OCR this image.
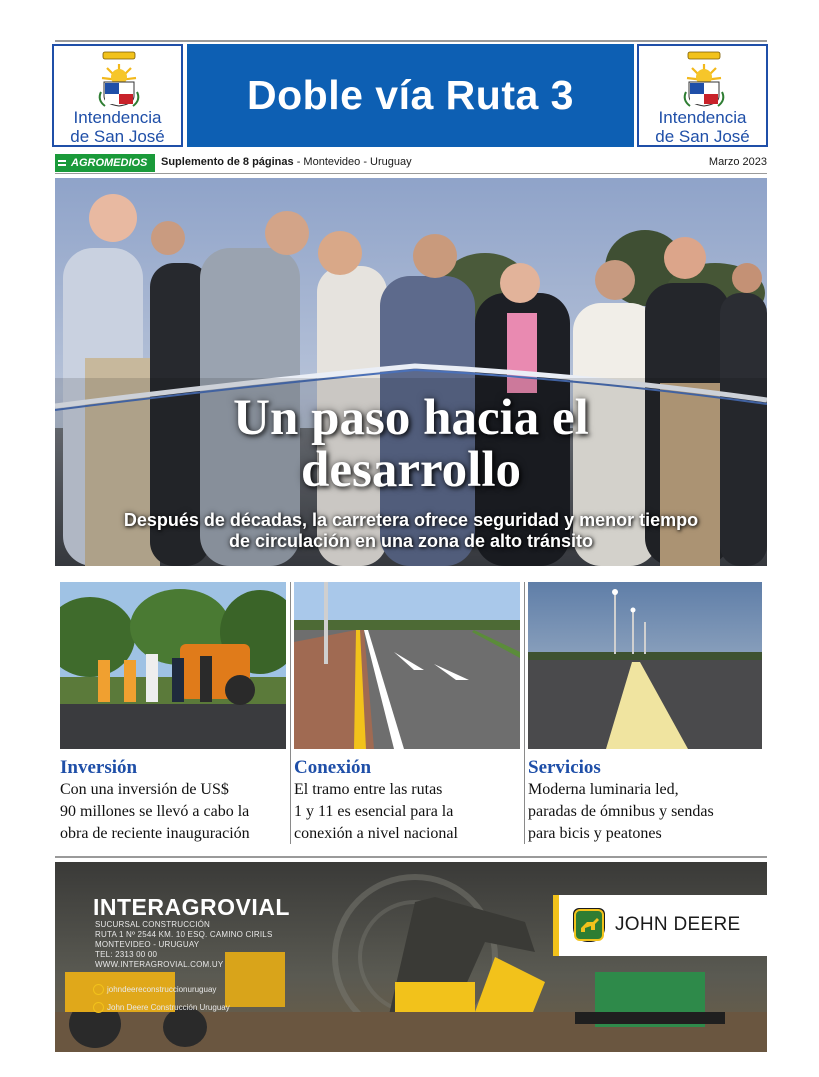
Intendencia
de San José
Doble vía Ruta 3	Intendencia
de San José
AGROMEDIOS	Suplemento de 8 páginas - Montevideo - Uruguay	Marzo 2023
Un paso hacia el
desarrollo
Después de décadas, la carretera ofrece seguridad y menor tiempo
de circulación en una zona de alto tránsito
Inversión
Con una inversión de US$
90 millones se llevó a cabo la
obra de reciente inauguración
Conexión
El tramo entre las rutas
1 y 11 es esencial para la
conexión a nivel nacional
Servicios
Moderna luminaria led,
paradas de ómnibus y sendas
para bicis y peatones
INTERAGROVIAL
SUCURSAL CONSTRUCCIÓN
RUTA 1 Nº 2544 KM. 10 ESQ. CAMINO CIRILS
MONTEVIDEO - URUGUAY
TEL: 2313 00 00
WWW.INTERAGROVIAL.COM.UY
johndeereconstruccionuruguay
John Deere Construcción Uruguay
JOHN DEERE
